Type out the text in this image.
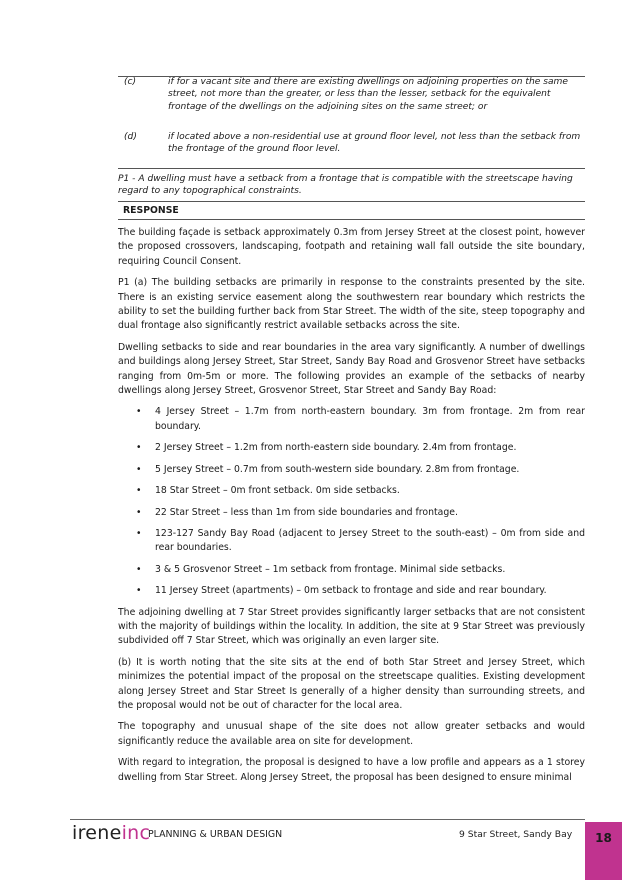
(c)	if for a vacant site and there are existing dwellings on adjoining properties on the same street, not more than the greater, or less than the lesser, setback for the equivalent frontage of the dwellings on the adjoining sites on the same street; or
(d)	if located above a non-residential use at ground floor level, not less than the setback from the frontage of the ground floor level.
P1 - A dwelling must have a setback from a frontage that is compatible with the streetscape having regard to any topographical constraints.
RESPONSE

The building façade is setback approximately 0.3m from Jersey Street at the closest point, however the proposed crossovers, landscaping, footpath and retaining wall fall outside the site boundary, requiring Council Consent.

P1 (a) The building setbacks are primarily in response to the constraints presented by the site. There is an existing service easement along the southwestern rear boundary which restricts the ability to set the building further back from Star Street. The width of the site, steep topography and dual frontage also significantly restrict available setbacks across the site.

Dwelling setbacks to side and rear boundaries in the area vary significantly. A number of dwellings and buildings along Jersey Street, Star Street, Sandy Bay Road and Grosvenor Street have setbacks ranging from 0m-5m or more. The following provides an example of the setbacks of nearby dwellings along Jersey Street, Grosvenor Street, Star Street and Sandy Bay Road:

• 4 Jersey Street – 1.7m from north-eastern boundary. 3m from frontage. 2m from rear boundary.
• 2 Jersey Street – 1.2m from north-eastern side boundary. 2.4m from frontage.
• 5 Jersey Street – 0.7m from south-western side boundary. 2.8m from frontage.
• 18 Star Street – 0m front setback. 0m side setbacks.
• 22 Star Street – less than 1m from side boundaries and frontage.
• 123-127 Sandy Bay Road (adjacent to Jersey Street to the south-east) – 0m from side and rear boundaries.
• 3 & 5 Grosvenor Street – 1m setback from frontage. Minimal side setbacks.
• 11 Jersey Street (apartments) – 0m setback to frontage and side and rear boundary.

The adjoining dwelling at 7 Star Street provides significantly larger setbacks that are not consistent with the majority of buildings within the locality. In addition, the site at 9 Star Street was previously subdivided off 7 Star Street, which was originally an even larger site.

(b) It is worth noting that the site sits at the end of both Star Street and Jersey Street, which minimizes the potential impact of the proposal on the streetscape qualities. Existing development along Jersey Street and Star Street Is generally of a higher density than surrounding streets, and the proposal would not be out of character for the local area.

The topography and unusual shape of the site does not allow greater setbacks and would significantly reduce the available area on site for development.

With regard to integration, the proposal is designed to have a low profile and appears as a 1 storey dwelling from Star Street. Along Jersey Street, the proposal has been designed to ensure minimal

ireneinc
PLANNING & URBAN DESIGN	9 Star Street, Sandy Bay	18
